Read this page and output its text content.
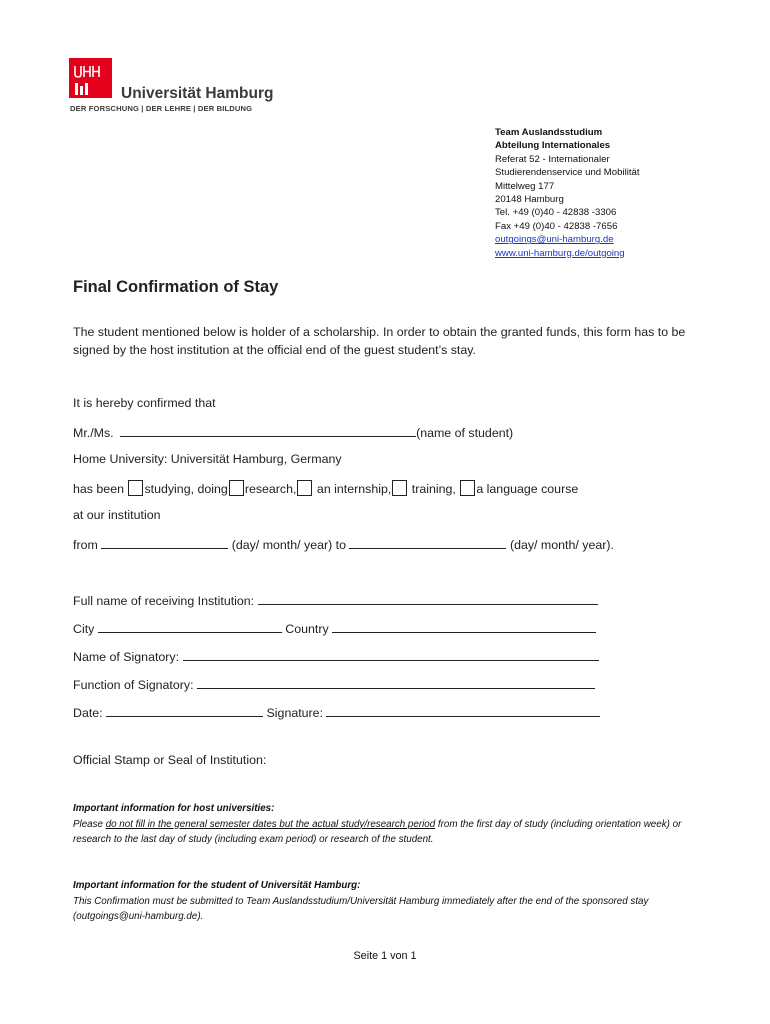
Universität Hamburg
DER FORSCHUNG | DER LEHRE | DER BILDUNG
Team Auslandsstudium
Abteilung Internationales
Referat 52 - Internationaler
Studierendenservice und Mobilität
Mittelweg 177
20148 Hamburg
Tel. +49 (0)40 - 42838 -3306
Fax +49 (0)40 - 42838 -7656
outgoings@uni-hamburg.de
www.uni-hamburg.de/outgoing
Final Confirmation of Stay
The student mentioned below is holder of a scholarship. In order to obtain the granted funds, this form has to be signed by the host institution at the official end of the guest student’s stay.
It is hereby confirmed that
Mr./Ms.	(name of student)
Home University: Universität Hamburg, Germany
has been studying, doing research, an internship, training, a language course
at our institution
from	(day/ month/ year) to	(day/ month/ year).
Full name of receiving Institution:
City	Country
Name of Signatory:
Function of Signatory:
Date:	Signature:
Official Stamp or Seal of Institution:
Important information for host universities:
Please do not fill in the general semester dates but the actual study/research period from the first day of study (including orientation week) or research to the last day of study (including exam period) or research of the student.
Important information for the student of Universität Hamburg:
This Confirmation must be submitted to Team Auslandsstudium/Universität Hamburg immediately after the end of the sponsored stay (outgoings@uni-hamburg.de).
Seite 1 von 1
